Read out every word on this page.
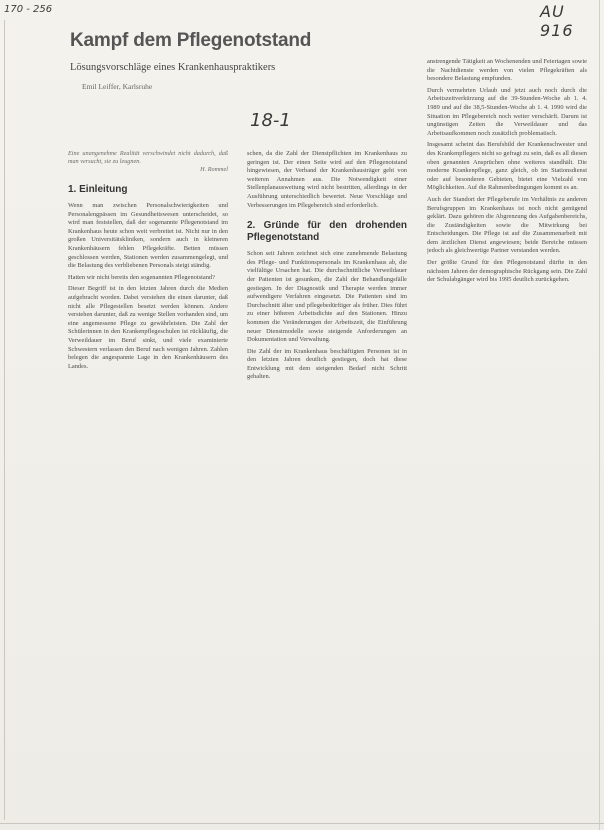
170 - 256	AU 916
18-1
Kampf dem Pflegenotstand
Lösungsvorschläge eines Krankenhauspraktikers
Emil Leiffer, Karlsruhe

Eine unangenehme Realität verschwindet nicht dadurch, daß man versucht, sie zu leugnen.
H. Rommel

1. Einleitung

Wenn man zwischen Personalschwierigkeiten und Personalengpässen im Gesundheitswesen unterscheidet, so wird man feststellen, daß der sogenannte Pflegenotstand im Krankenhaus heute schon weit verbreitet ist. Nicht nur in den großen Universitätskliniken, sondern auch in kleineren Krankenhäusern fehlen Pflegekräfte. Betten müssen geschlossen werden, Stationen werden zusammengelegt, und die Belastung des verbliebenen Personals steigt ständig.

Hatten wir nicht bereits den sogenannten Pflegenotstand?

Dieser Begriff ist in den letzten Jahren durch die Medien aufgebracht worden. Dabei verstehen die einen darunter, daß nicht alle Pflegestellen besetzt werden können. Andere verstehen darunter, daß zu wenige Stellen vorhanden sind, um eine angemessene Pflege zu gewährleisten. Die Zahl der Schülerinnen in den Krankenpflegeschulen ist rückläufig, die Verweildauer im Beruf sinkt, und viele examinierte Schwestern verlassen den Beruf nach wenigen Jahren. Zahlen belegen die angespannte Lage in den Krankenhäusern des Landes.

schen, da die Zahl der Dienstpflichten im Krankenhaus zu geringen ist. Der einen Seite wird auf den Pflegenotstand hingewiesen, der Verband der Krankenhausträger geht von weiteren Annahmen aus. Die Notwendigkeit einer Stellenplanausweitung wird nicht bestritten, allerdings in der Ausführung unterschiedlich bewertet. Neue Vorschläge und Verbesserungen im Pflegebereich sind erforderlich.

2. Gründe für den drohenden Pflegenotstand

Schon seit Jahren zeichnet sich eine zunehmende Belastung des Pflege- und Funktionspersonals im Krankenhaus ab, die vielfältige Ursachen hat. Die durchschnittliche Verweildauer der Patienten ist gesunken, die Zahl der Behandlungsfälle gestiegen. In der Diagnostik und Therapie werden immer aufwendigere Verfahren eingesetzt. Die Patienten sind im Durchschnitt älter und pflegebedürftiger als früher. Dies führt zu einer höheren Arbeitsdichte auf den Stationen. Hinzu kommen die Veränderungen der Arbeitszeit, die Einführung neuer Dienstmodelle sowie steigende Anforderungen an Dokumentation und Verwaltung.

Die Zahl der im Krankenhaus beschäftigten Personen ist in den letzten Jahren deutlich gestiegen, doch hat diese Entwicklung mit dem steigenden Bedarf nicht Schritt gehalten.

anstrengende Tätigkeit an Wochenenden und Feiertagen sowie die Nachtdienste werden von vielen Pflegekräften als besondere Belastung empfunden.

Durch vermehrten Urlaub und jetzt auch noch durch die Arbeitszeitverkürzung auf die 39-Stunden-Woche ab 1. 4. 1989 und auf die 38,5-Stunden-Woche ab 1. 4. 1990 wird die Situation im Pflegebereich noch weiter verschärft. Darum ist ungünstigen Zeiten die Verweildauer und das Arbeitsaufkommen noch zusätzlich problematisch.

Insgesamt scheint das Berufsbild der Krankenschwester und des Krankenpflegers nicht so gefragt zu sein, daß es all diesen oben genannten Ansprüchen ohne weiteres standhält. Die moderne Krankenpflege, ganz gleich, ob im Stationsdienst oder auf besonderen Gebieten, bietet eine Vielzahl von Möglichkeiten. Auf die Rahmenbedingungen kommt es an.

Auch der Standort der Pflegeberufe im Verhältnis zu anderen Berufsgruppen im Krankenhaus ist noch nicht genügend geklärt. Dazu gehören die Abgrenzung des Aufgabenbereichs, die Zuständigkeiten sowie die Mitwirkung bei Entscheidungen. Die Pflege ist auf die Zusammenarbeit mit dem ärztlichen Dienst angewiesen; beide Bereiche müssen jedoch als gleichwertige Partner verstanden werden.

Der größte Grund für den Pflegenotstand dürfte in den nächsten Jahren der demographische Rückgang sein. Die Zahl der Schulabgänger wird bis 1995 deutlich zurückgehen.
